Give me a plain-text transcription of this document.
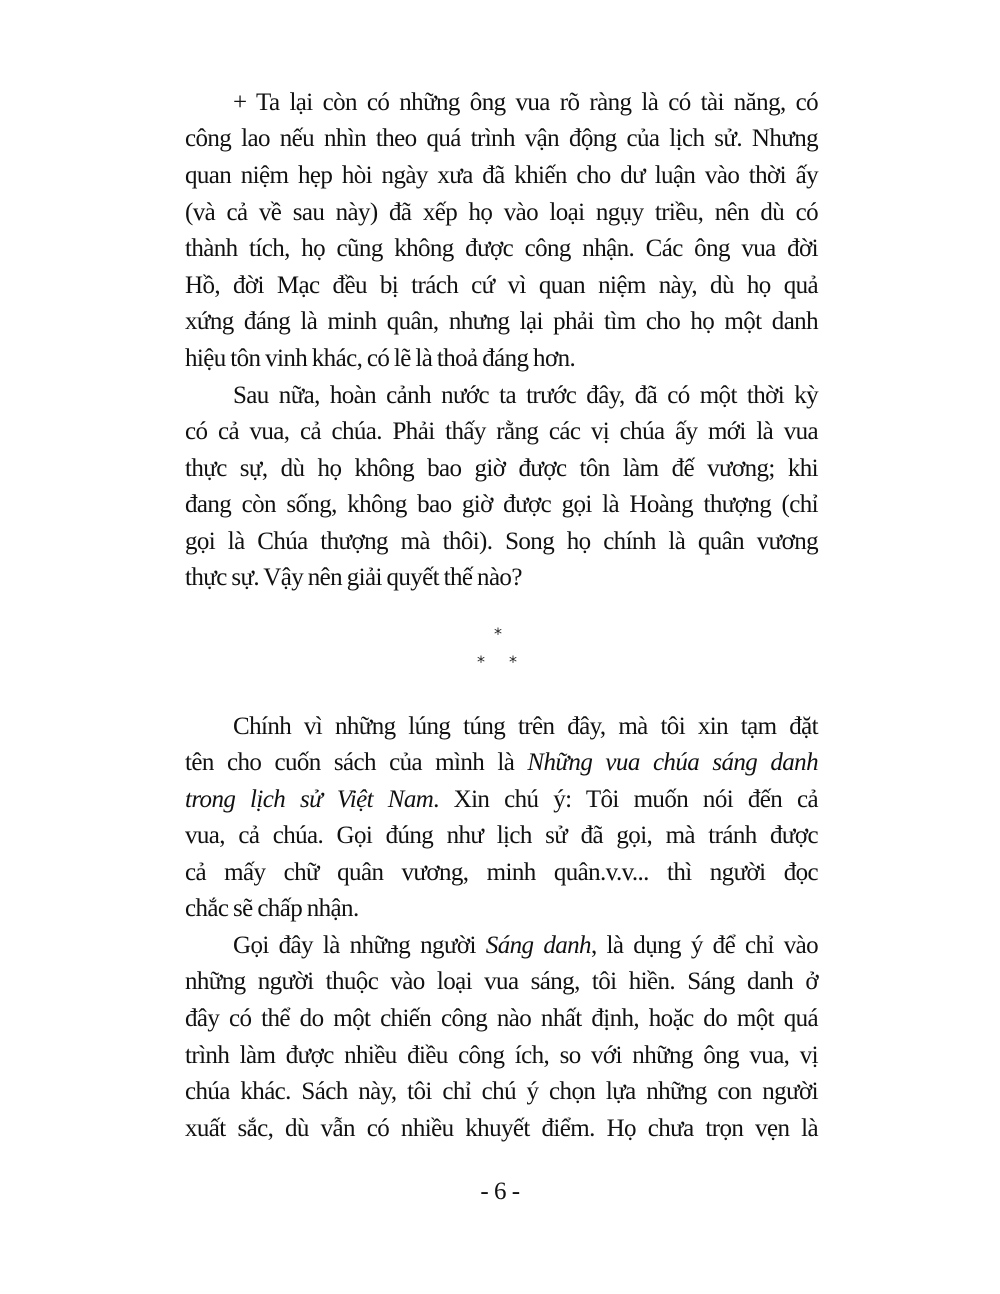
+ Ta lại còn có những ông vua rõ ràng là có tài năng, có
công lao nếu nhìn theo quá trình vận động của lịch sử. Nhưng
quan niệm hẹp hòi ngày xưa đã khiến cho dư luận vào thời ấy
(và cả về sau này) đã xếp họ vào loại ngụy triều, nên dù có
thành tích, họ cũng không được công nhận. Các ông vua đời
Hồ, đời Mạc đều bị trách cứ vì quan niệm này, dù họ quả
xứng đáng là minh quân, nhưng lại phải tìm cho họ một danh
hiệu tôn vinh khác, có lẽ là thoả đáng hơn.
Sau nữa, hoàn cảnh nước ta trước đây, đã có một thời kỳ
có cả vua, cả chúa. Phải thấy rằng các vị chúa ấy mới là vua
thực sự, dù họ không bao giờ được tôn làm đế vương; khi
đang còn sống, không bao giờ được gọi là Hoàng thượng (chỉ
gọi là Chúa thượng mà thôi). Song họ chính là quân vương
thực sự. Vậy nên giải quyết thế nào?
*
* *
Chính vì những lúng túng trên đây, mà tôi xin tạm đặt
tên cho cuốn sách của mình là Những vua chúa sáng danh
trong lịch sử Việt Nam. Xin chú ý: Tôi muốn nói đến cả
vua, cả chúa. Gọi đúng như lịch sử đã gọi, mà tránh được
cả mấy chữ quân vương, minh quân.v.v... thì người đọc
chắc sẽ chấp nhận.
Gọi đây là những người Sáng danh, là dụng ý để chỉ vào
những người thuộc vào loại vua sáng, tôi hiền. Sáng danh ở
đây có thể do một chiến công nào nhất định, hoặc do một quá
trình làm được nhiều điều công ích, so với những ông vua, vị
chúa khác. Sách này, tôi chỉ chú ý chọn lựa những con người
xuất sắc, dù vẫn có nhiều khuyết điểm. Họ chưa trọn vẹn là
- 6 -
